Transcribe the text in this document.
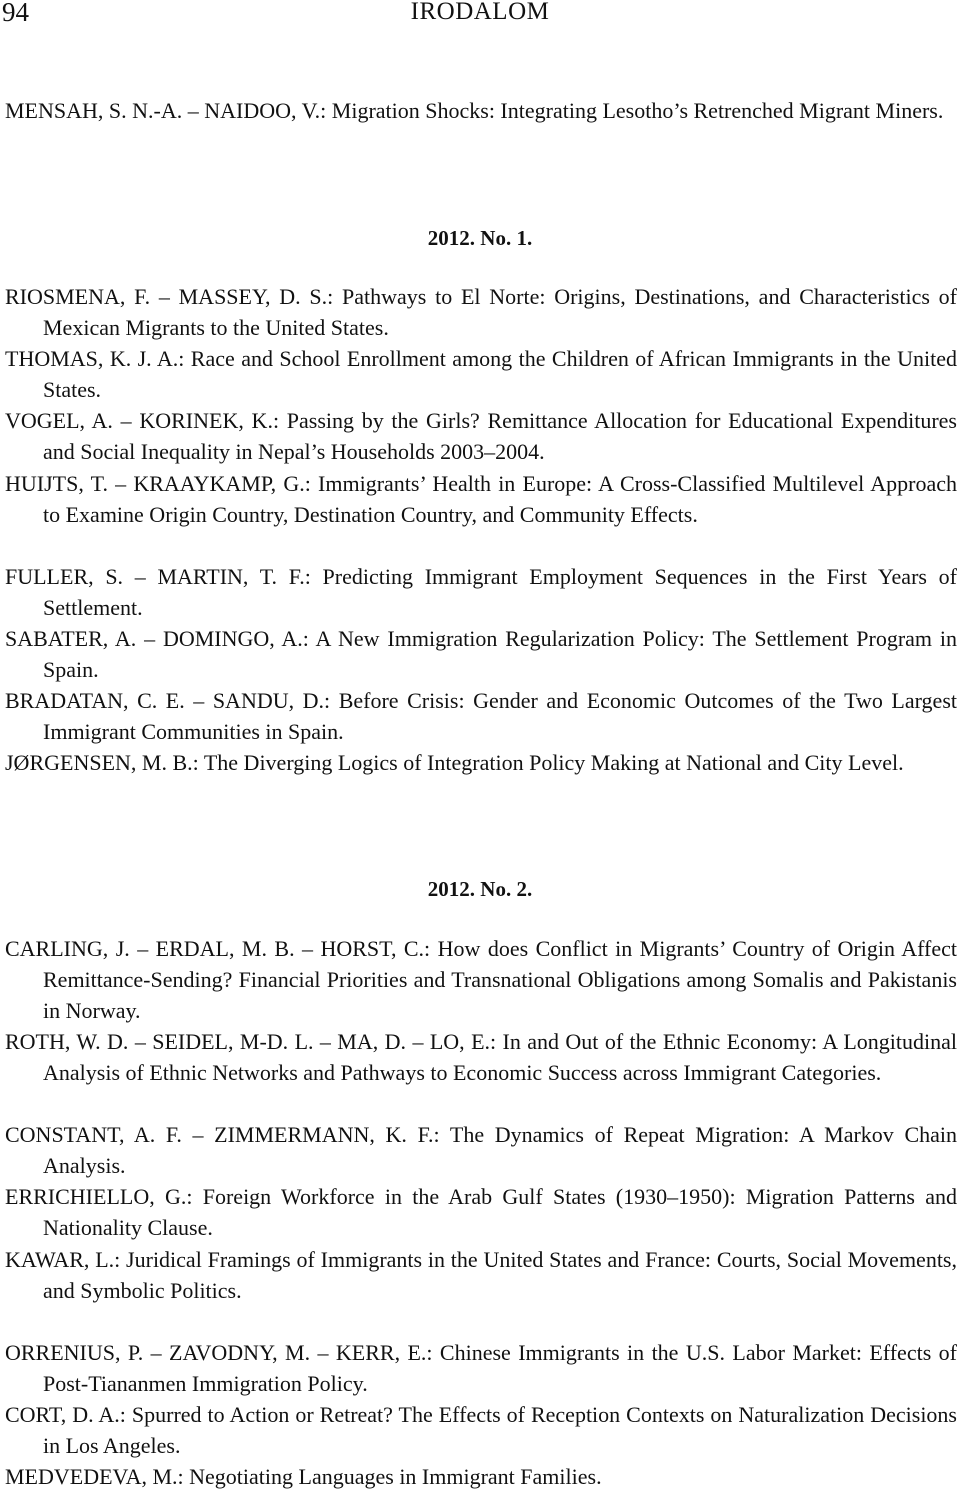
94	IRODALOM
MENSAH, S. N.-A. – NAIDOO, V.: Migration Shocks: Integrating Lesotho’s Retrenched Migrant Miners.
2012. No. 1.
RIOSMENA, F. – MASSEY, D. S.: Pathways to El Norte: Origins, Destinations, and Characteristics of Mexican Migrants to the United States.
THOMAS, K. J. A.: Race and School Enrollment among the Children of African Immigrants in the United States.
VOGEL, A. – KORINEK, K.: Passing by the Girls? Remittance Allocation for Educational Expenditures and Social Inequality in Nepal’s Households 2003–2004.
HUIJTS, T. – KRAAYKAMP, G.: Immigrants’ Health in Europe: A Cross-Classified Multilevel Approach to Examine Origin Country, Destination Country, and Community Effects.
FULLER, S. – MARTIN, T. F.: Predicting Immigrant Employment Sequences in the First Years of Settlement.
SABATER, A. – DOMINGO, A.: A New Immigration Regularization Policy: The Settlement Program in Spain.
BRADATAN, C. E. – SANDU, D.: Before Crisis: Gender and Economic Outcomes of the Two Largest Immigrant Communities in Spain.
JØRGENSEN, M. B.: The Diverging Logics of Integration Policy Making at National and City Level.
2012. No. 2.
CARLING, J. – ERDAL, M. B. – HORST, C.: How does Conflict in Migrants’ Country of Origin Affect Remittance-Sending? Financial Priorities and Transnational Obligations among Somalis and Pakistanis in Norway.
ROTH, W. D. – SEIDEL, M-D. L. – MA, D. – LO, E.: In and Out of the Ethnic Economy: A Longitudinal Analysis of Ethnic Networks and Pathways to Economic Success across Immigrant Categories.
CONSTANT, A. F. – ZIMMERMANN, K. F.: The Dynamics of Repeat Migration: A Markov Chain Analysis.
ERRICHIELLO, G.: Foreign Workforce in the Arab Gulf States (1930–1950): Migration Patterns and Nationality Clause.
KAWAR, L.: Juridical Framings of Immigrants in the United States and France: Courts, Social Movements, and Symbolic Politics.
ORRENIUS, P. – ZAVODNY, M. – KERR, E.: Chinese Immigrants in the U.S. Labor Market: Effects of Post-Tiananmen Immigration Policy.
CORT, D. A.: Spurred to Action or Retreat? The Effects of Reception Contexts on Naturalization Decisions in Los Angeles.
MEDVEDEVA, M.: Negotiating Languages in Immigrant Families.
